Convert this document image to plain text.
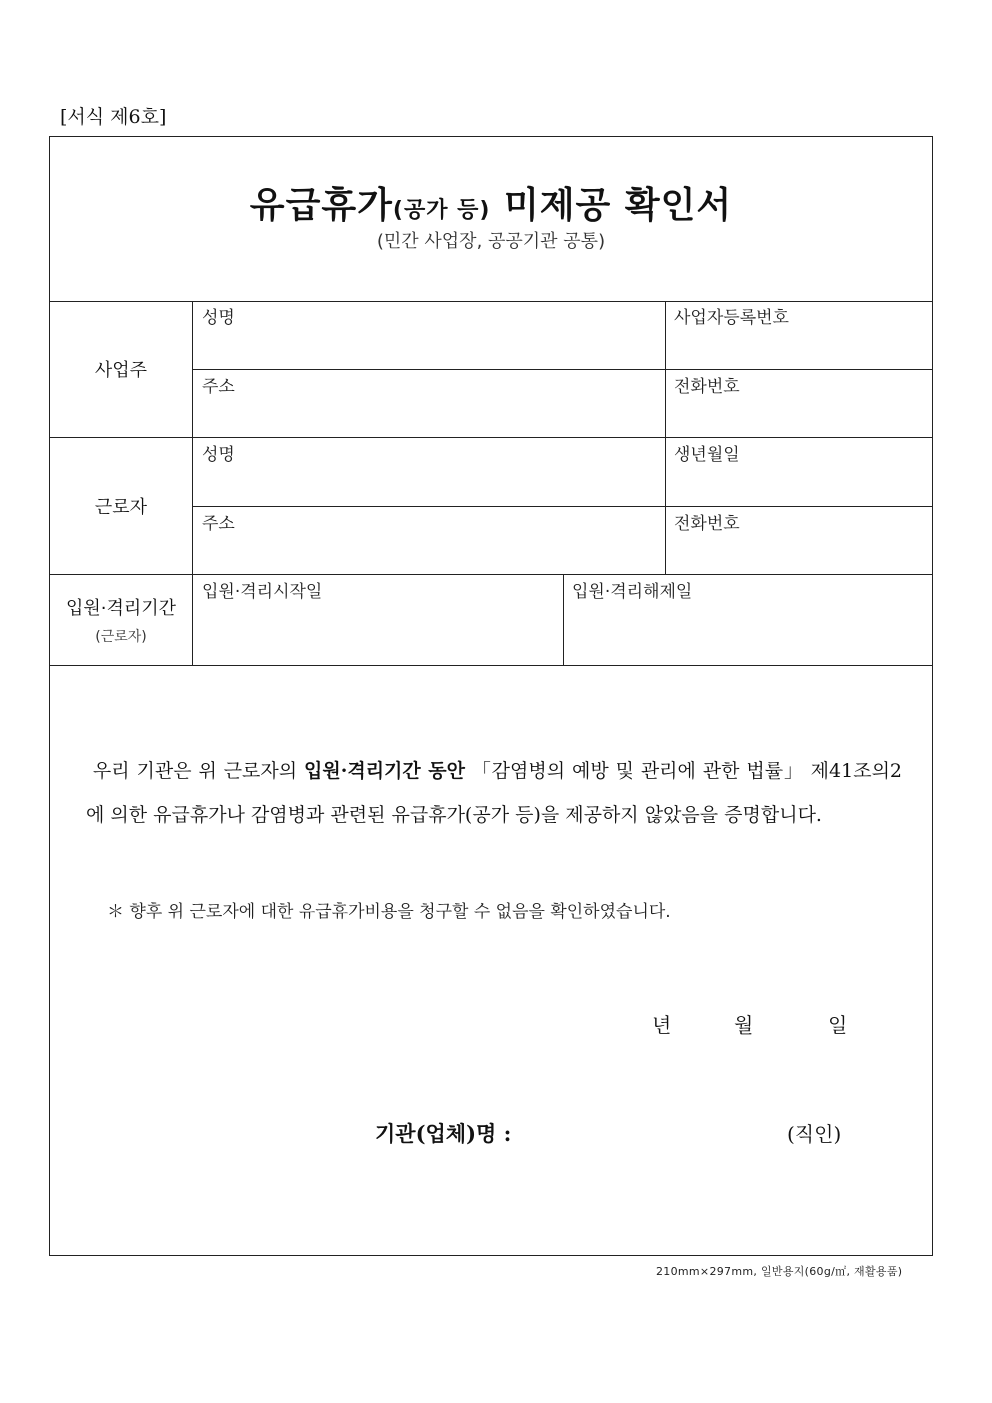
[서식 제6호]
유급휴가(공가 등) 미제공 확인서
(민간 사업장, 공공기관 공통)
사업주
성명	사업자등록번호
주소	전화번호
근로자
성명	생년월일
주소	전화번호
입원·격리기간
(근로자)
입원·격리시작일	입원·격리해제일
우리 기관은 위 근로자의 입원·격리기간 동안 「감염병의 예방 및 관리에 관한 법률」 제41조의2에 의한 유급휴가나 감염병과 관련된 유급휴가(공가 등)을 제공하지 않았음을 증명합니다.
＊ 향후 위 근로자에 대한 유급휴가비용을 청구할 수 없음을 확인하였습니다.
년	월	일
기관(업체)명 :	(직인)
210mm×297mm, 일반용지(60g/㎡, 재활용품)
